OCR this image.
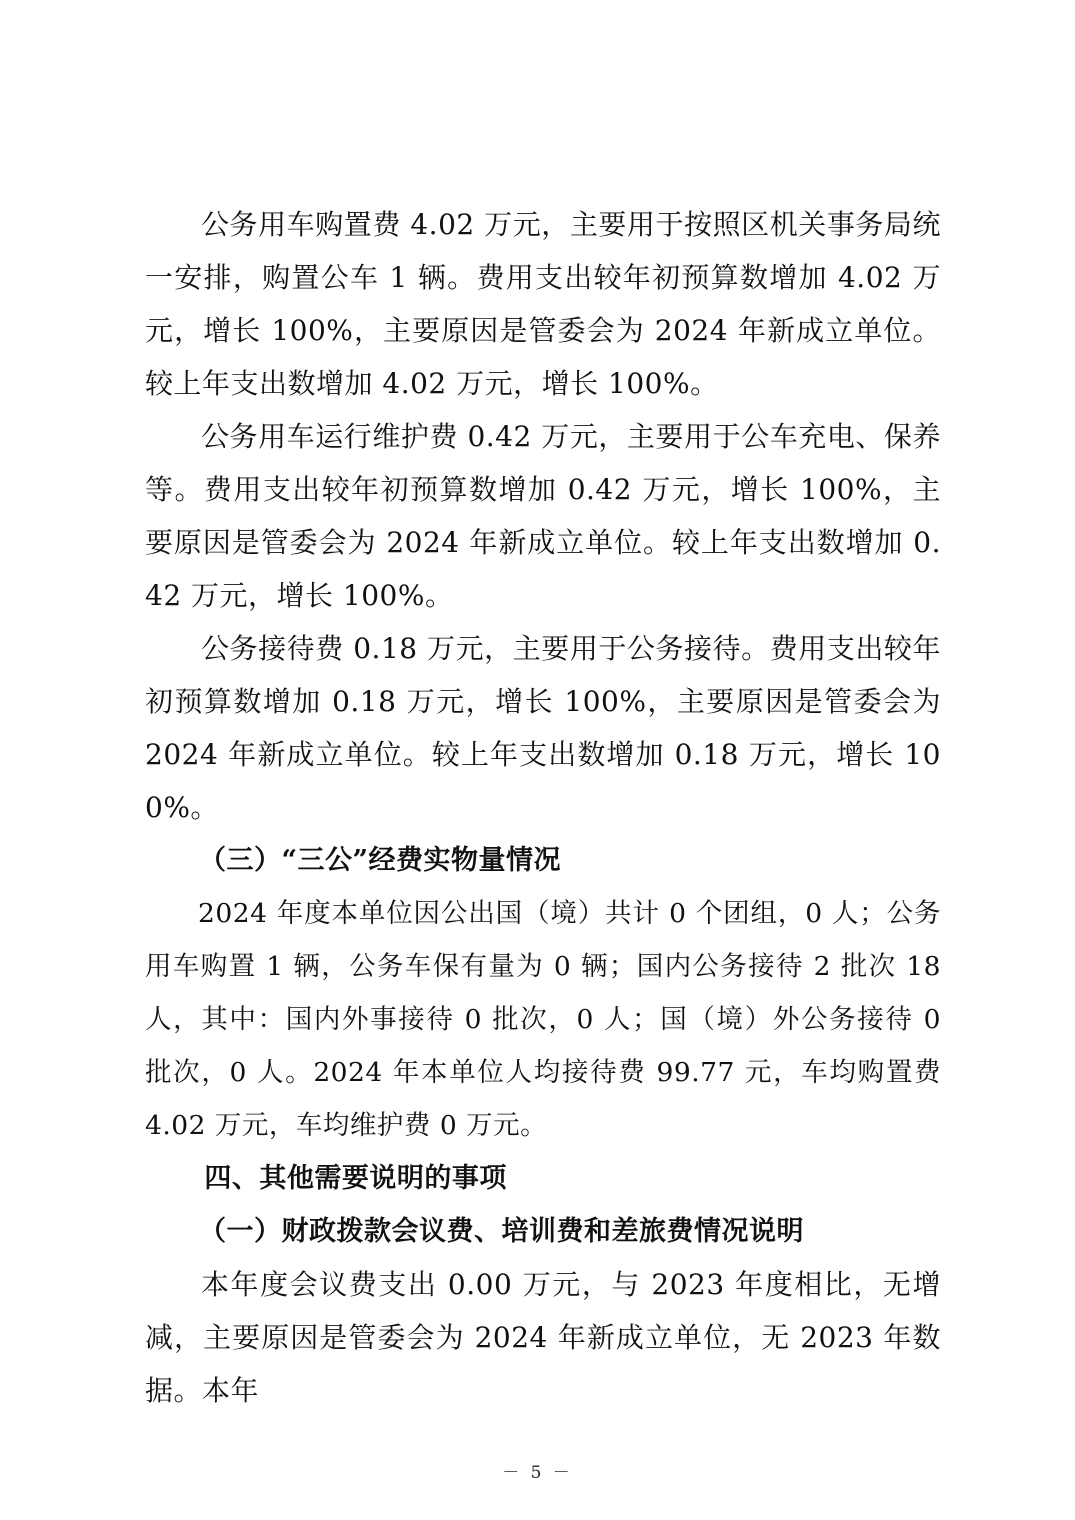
公务用车购置费 4.02 万元，主要用于按照区机关事务局统一安排，购置公车 1 辆。费用支出较年初预算数增加 4.02 万元，增长 100%，主要原因是管委会为 2024 年新成立单位。较上年支出数增加 4.02 万元，增长 100%。

公务用车运行维护费 0.42 万元，主要用于公车充电、保养等。费用支出较年初预算数增加 0.42 万元，增长 100%，主要原因是管委会为 2024 年新成立单位。较上年支出数增加 0.42 万元，增长 100%。

公务接待费 0.18 万元，主要用于公务接待。费用支出较年初预算数增加 0.18 万元，增长 100%，主要原因是管委会为 2024 年新成立单位。较上年支出数增加 0.18 万元，增长 100%。

（三）“三公”经费实物量情况

2024 年度本单位因公出国（境）共计 0 个团组，0 人；公务用车购置 1 辆，公务车保有量为 0 辆；国内公务接待 2 批次 18 人，其中：国内外事接待 0 批次，0 人；国（境）外公务接待 0 批次，0 人。2024 年本单位人均接待费 99.77 元，车均购置费 4.02 万元，车均维护费 0 万元。

四、其他需要说明的事项

（一）财政拨款会议费、培训费和差旅费情况说明

本年度会议费支出 0.00 万元，与 2023 年度相比，无增减，主要原因是管委会为 2024 年新成立单位，无 2023 年数据。本年

－ 5 －
